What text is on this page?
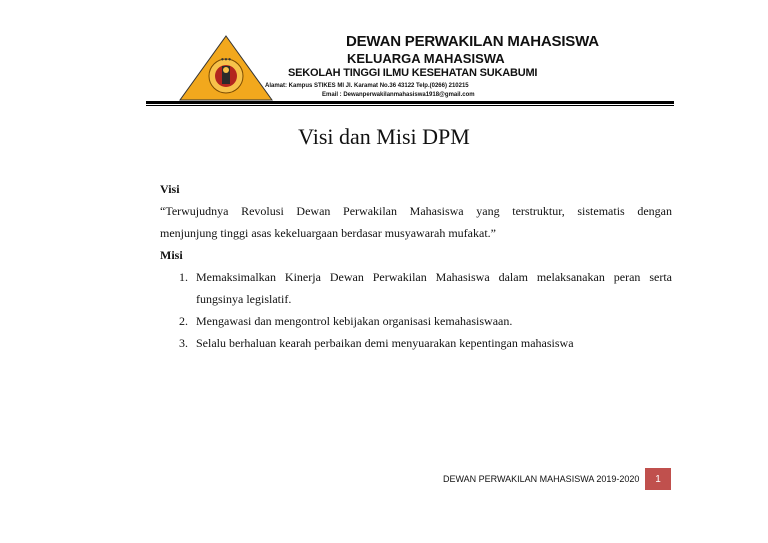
● ● ●
DEWAN PERWAKILAN MAHASISWA
KELUARGA MAHASISWA
SEKOLAH TINGGI ILMU KESEHATAN SUKABUMI
Alamat: Kampus STIKES MI Jl. Karamat No.36 43122 Telp.(0266) 210215
Email : Dewanperwakilanmahasiswa1918@gmail.com
Visi dan Misi DPM
Visi
“Terwujudnya Revolusi Dewan Perwakilan Mahasiswa yang terstruktur, sistematis dengan
menjunjung tinggi asas kekeluargaan berdasar musyawarah mufakat.”
Misi
1. Memaksimalkan Kinerja Dewan Perwakilan Mahasiswa dalam melaksanakan peran serta
fungsinya legislatif.
2. Mengawasi dan mengontrol kebijakan organisasi kemahasiswaan.
3. Selalu berhaluan kearah perbaikan demi menyuarakan kepentingan mahasiswa
DEWAN PERWAKILAN MAHASISWA 2019-2020	1
